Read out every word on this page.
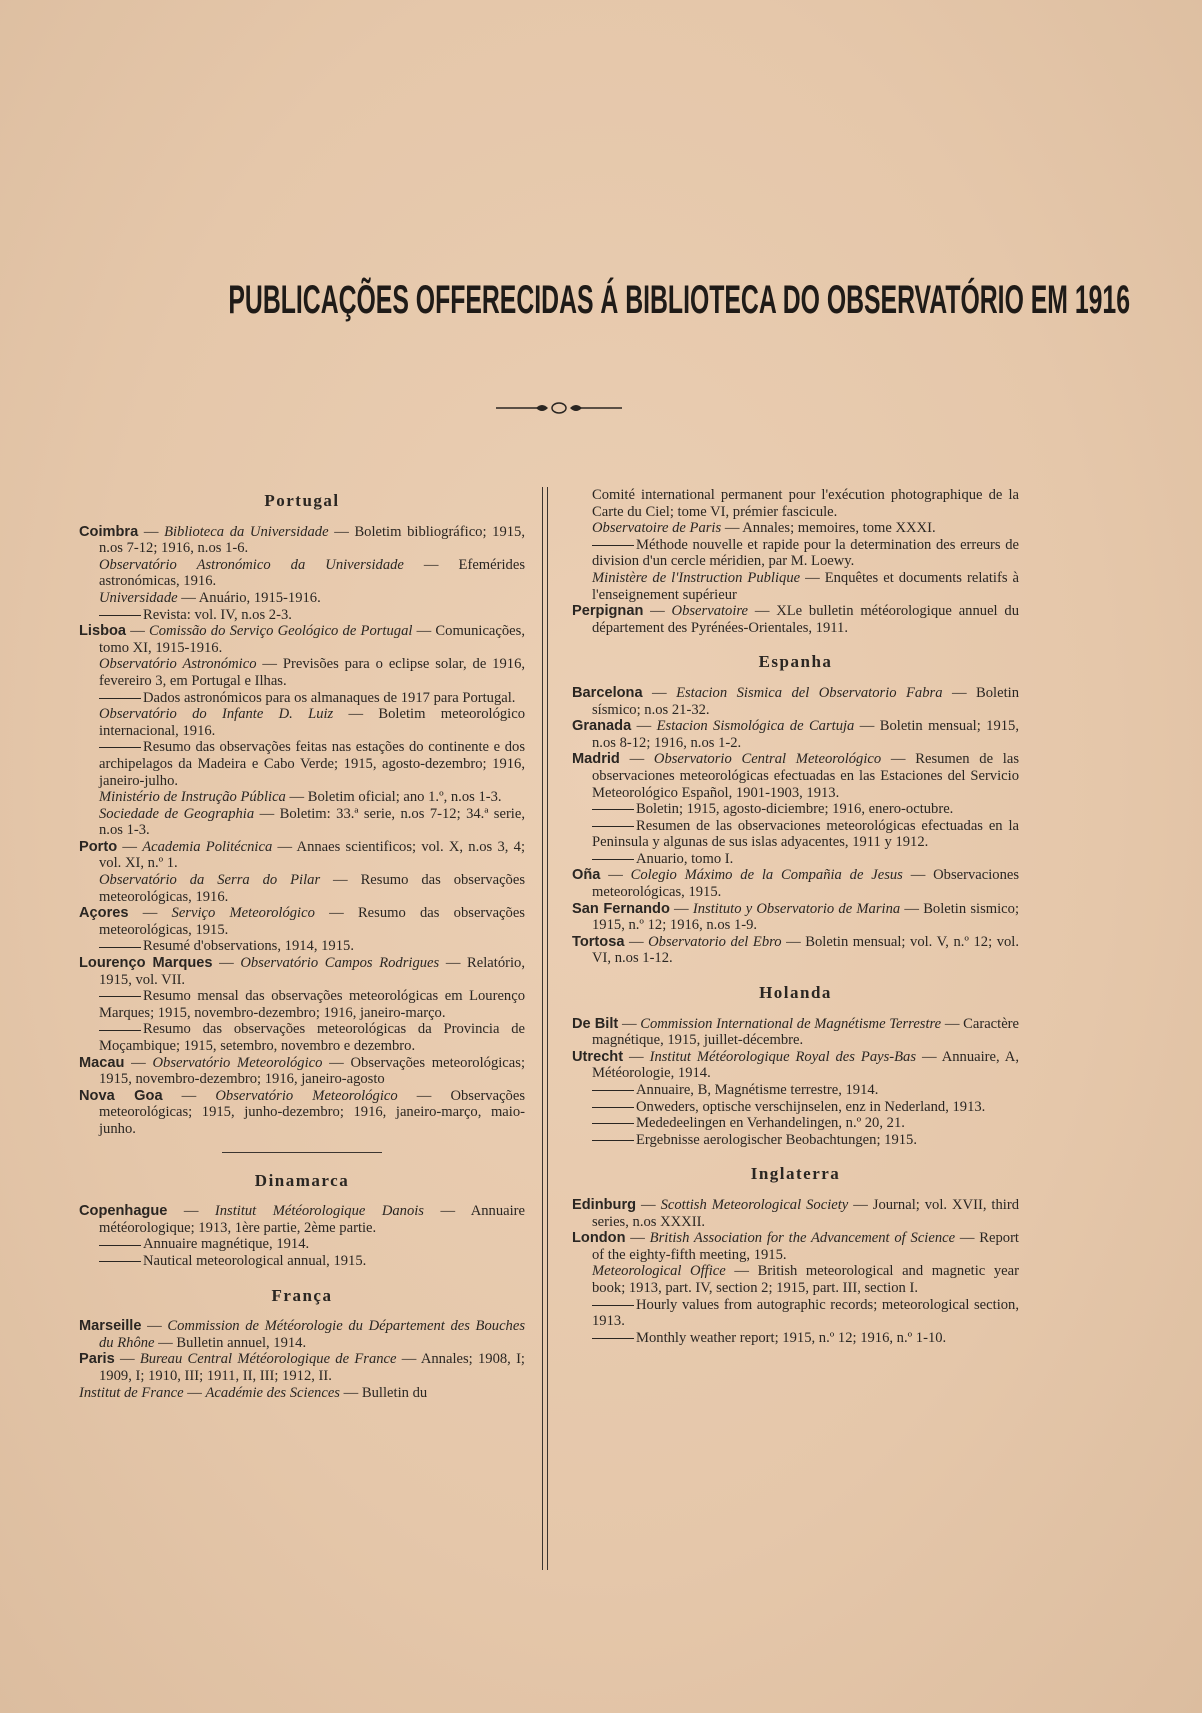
PUBLICAÇÕES OFFERECIDAS Á BIBLIOTECA DO OBSERVATÓRIO EM 1916
Portugal

Coimbra — Biblioteca da Universidade — Boletim bibliográfico; 1915, n.os 7-12; 1916, n.os 1-6.

Observatório Astronómico da Universidade — Efemérides astronómicas, 1916.

Universidade — Anuário, 1915-1916.

Revista: vol. IV, n.os 2-3.

Lisboa — Comissão do Serviço Geológico de Portugal — Comunicações, tomo XI, 1915-1916.

Observatório Astronómico — Previsões para o eclipse solar, de 1916, fevereiro 3, em Portugal e Ilhas.

Dados astronómicos para os almanaques de 1917 para Portugal.

Observatório do Infante D. Luiz — Boletim meteorológico internacional, 1916.

Resumo das observações feitas nas estações do continente e dos archipelagos da Madeira e Cabo Verde; 1915, agosto-dezembro; 1916, janeiro-julho.

Ministério de Instrução Pública — Boletim oficial; ano 1.º, n.os 1-3.

Sociedade de Geographia — Boletim: 33.ª serie, n.os 7-12; 34.ª serie, n.os 1-3.

Porto — Academia Politécnica — Annaes scientificos; vol. X, n.os 3, 4; vol. XI, n.º 1.

Observatório da Serra do Pilar — Resumo das observações meteorológicas, 1916.

Açores — Serviço Meteorológico — Resumo das observações meteorológicas, 1915.

Resumé d'observations, 1914, 1915.

Lourenço Marques — Observatório Campos Rodrigues — Relatório, 1915, vol. VII.

Resumo mensal das observações meteorológicas em Lourenço Marques; 1915, novembro-dezembro; 1916, janeiro-março.

Resumo das observações meteorológicas da Provincia de Moçambique; 1915, setembro, novembro e dezembro.

Macau — Observatório Meteorológico — Observações meteorológicas; 1915, novembro-dezembro; 1916, janeiro-agosto

Nova Goa — Observatório Meteorológico — Observações meteorológicas; 1915, junho-dezembro; 1916, janeiro-março, maio-junho.

Dinamarca

Copenhague — Institut Météorologique Danois — Annuaire météorologique; 1913, 1ère partie, 2ème partie.

Annuaire magnétique, 1914.

Nautical meteorological annual, 1915.

França

Marseille — Commission de Météorologie du Département des Bouches du Rhône — Bulletin annuel, 1914.

Paris — Bureau Central Météorologique de France — Annales; 1908, I; 1909, I; 1910, III; 1911, II, III; 1912, II.

Institut de France — Académie des Sciences — Bulletin du

Comité international permanent pour l'exécution photographique de la Carte du Ciel; tome VI, prémier fascicule.

Observatoire de Paris — Annales; memoires, tome XXXI.

Méthode nouvelle et rapide pour la determination des erreurs de division d'un cercle méridien, par M. Loewy.

Ministère de l'Instruction Publique — Enquêtes et documents relatifs à l'enseignement supérieur

Perpignan — Observatoire — XLe bulletin météorologique annuel du département des Pyrénées-Orientales, 1911.

Espanha

Barcelona — Estacion Sismica del Observatorio Fabra — Boletin sísmico; n.os 21-32.

Granada — Estacion Sismológica de Cartuja — Boletin mensual; 1915, n.os 8-12; 1916, n.os 1-2.

Madrid — Observatorio Central Meteorológico — Resumen de las observaciones meteorológicas efectuadas en las Estaciones del Servicio Meteorológico Español, 1901-1903, 1913.

Boletin; 1915, agosto-diciembre; 1916, enero-octubre.

Resumen de las observaciones meteorológicas efectuadas en la Peninsula y algunas de sus islas adyacentes, 1911 y 1912.

Anuario, tomo I.

Oña — Colegio Máximo de la Compañia de Jesus — Observaciones meteorológicas, 1915.

San Fernando — Instituto y Observatorio de Marina — Boletin sismico; 1915, n.º 12; 1916, n.os 1-9.

Tortosa — Observatorio del Ebro — Boletin mensual; vol. V, n.º 12; vol. VI, n.os 1-12.

Holanda

De Bilt — Commission International de Magnétisme Terrestre — Caractère magnétique, 1915, juillet-décembre.

Utrecht — Institut Météorologique Royal des Pays-Bas — Annuaire, A, Météorologie, 1914.

Annuaire, B, Magnétisme terrestre, 1914.

Onweders, optische verschijnselen, enz in Nederland, 1913.

Mededeelingen en Verhandelingen, n.º 20, 21.

Ergebnisse aerologischer Beobachtungen; 1915.

Inglaterra

Edinburg — Scottish Meteorological Society — Journal; vol. XVII, third series, n.os XXXII.

London — British Association for the Advancement of Science — Report of the eighty-fifth meeting, 1915.

Meteorological Office — British meteorological and magnetic year book; 1913, part. IV, section 2; 1915, part. III, section I.

Hourly values from autographic records; meteorological section, 1913.

Monthly weather report; 1915, n.º 12; 1916, n.º 1-10.
